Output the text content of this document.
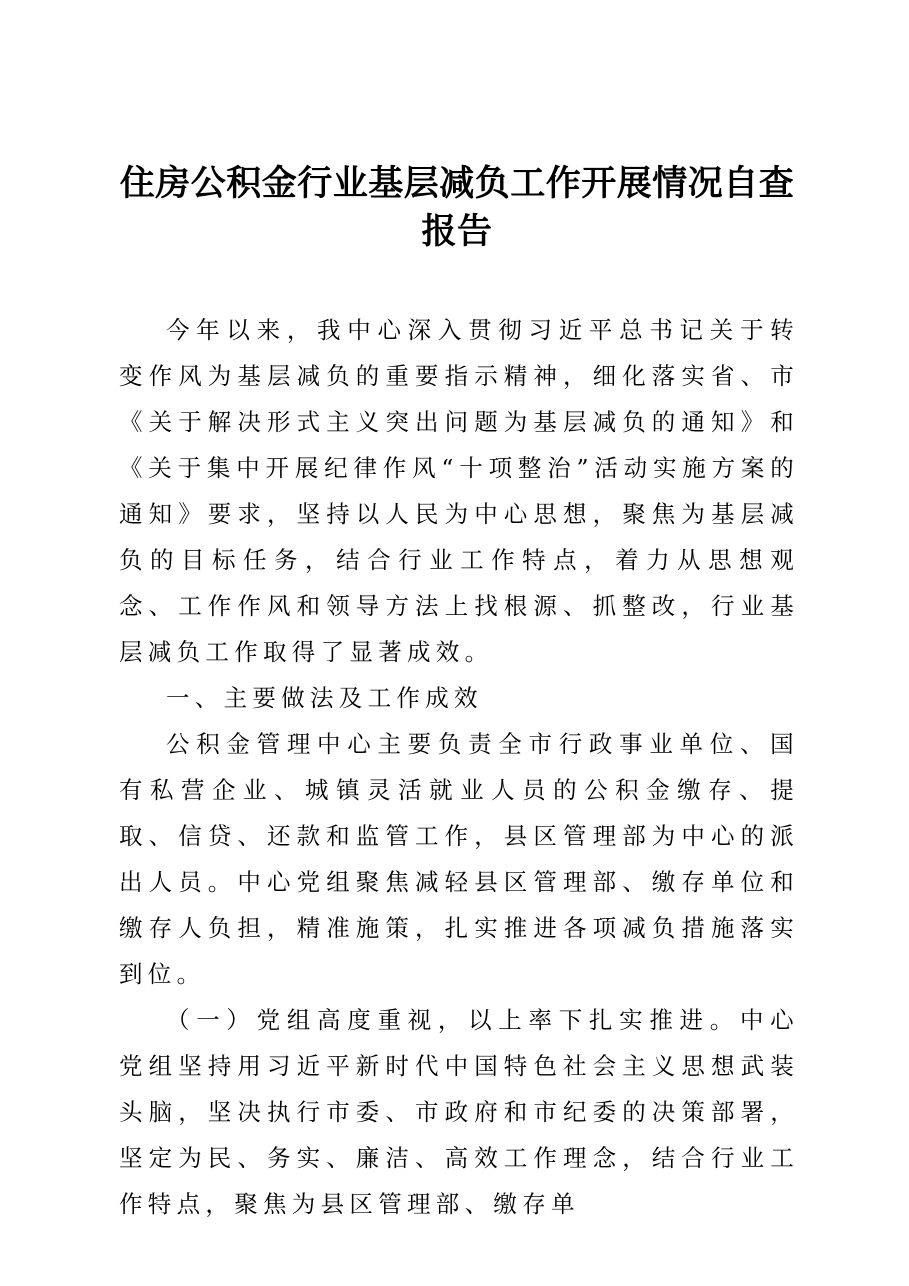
住房公积金行业基层减负工作开展情况自查报告

今年以来，我中心深入贯彻习近平总书记关于转变作风为基层减负的重要指示精神，细化落实省、市《关于解决形式主义突出问题为基层减负的通知》和《关于集中开展纪律作风“十项整治”活动实施方案的通知》要求，坚持以人民为中心思想，聚焦为基层减负的目标任务，结合行业工作特点，着力从思想观念、工作作风和领导方法上找根源、抓整改，行业基层减负工作取得了显著成效。

一、主要做法及工作成效

公积金管理中心主要负责全市行政事业单位、国有私营企业、城镇灵活就业人员的公积金缴存、提取、信贷、还款和监管工作，县区管理部为中心的派出人员。中心党组聚焦减轻县区管理部、缴存单位和缴存人负担，精准施策，扎实推进各项减负措施落实到位。

（一）党组高度重视，以上率下扎实推进。中心党组坚持用习近平新时代中国特色社会主义思想武装头脑，坚决执行市委、市政府和市纪委的决策部署，坚定为民、务实、廉洁、高效工作理念，结合行业工作特点，聚焦为县区管理部、缴存单
